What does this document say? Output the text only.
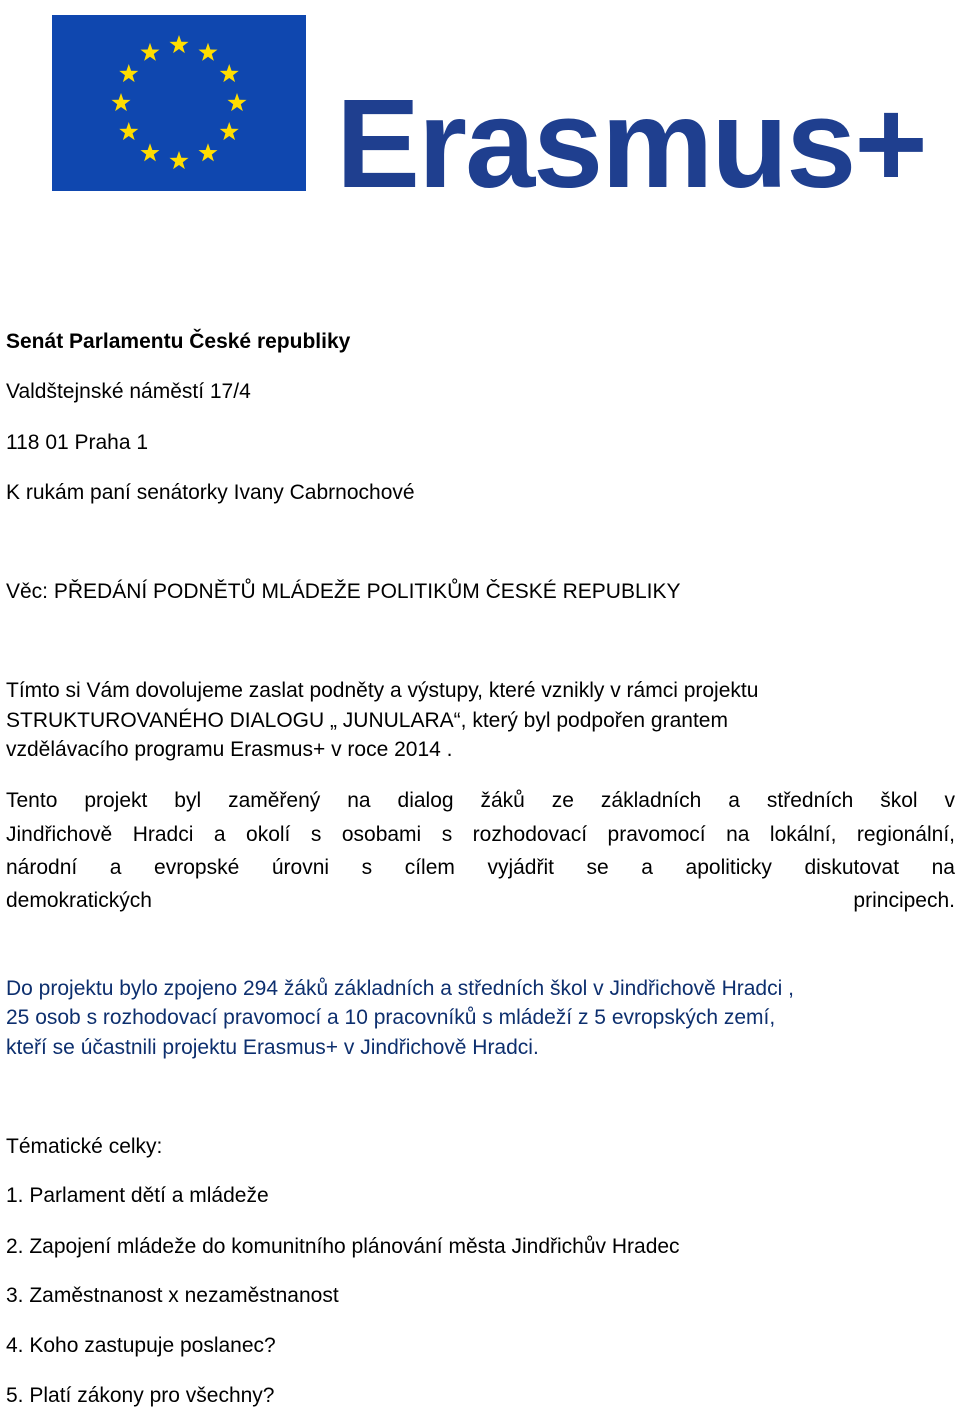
Erasmus+

Senát Parlamentu České republiky

Valdštejnské náměstí 17/4

118 01 Praha 1

K rukám paní senátorky Ivany Cabrnochové

Věc: PŘEDÁNÍ PODNĚTŮ MLÁDEŽE POLITIKŮM ČESKÉ REPUBLIKY

Tímto si Vám dovolujeme zaslat podněty a výstupy, které vznikly v rámci projektu

STRUKTUROVANÉHO DIALOGU „ JUNULARA“, který byl podpořen grantem

vzdělávacího programu Erasmus+ v roce 2014 .

Tento projekt byl zaměřený na dialog žáků ze základních a středních škol v

Jindřichově Hradci a okolí s osobami s rozhodovací pravomocí na lokální, regionální,

národní a evropské úrovni s cílem vyjádřit se a apoliticky diskutovat na

demokratických principech.

Do projektu bylo zpojeno 294 žáků základních a středních škol v Jindřichově Hradci ,

25 osob s rozhodovací pravomocí a 10 pracovníků s mládeží z 5 evropských zemí,

kteří se účastnili projektu Erasmus+ v Jindřichově Hradci.

Tématické celky:

1. Parlament dětí a mládeže

2. Zapojení mládeže do komunitního plánování města Jindřichův Hradec

3. Zaměstnanost x nezaměstnanost

4. Koho zastupuje poslanec?

5. Platí zákony pro všechny?
